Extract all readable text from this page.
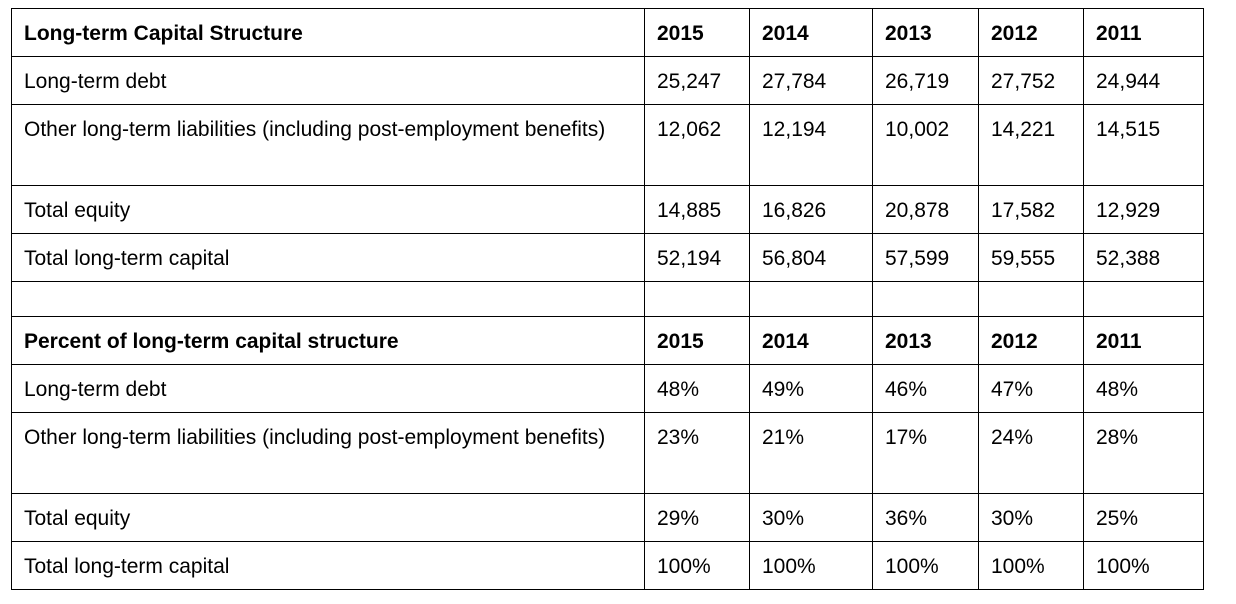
Long-term Capital Structure	2015	2014	2013	2012	2011
Long-term debt	25,247	27,784	26,719	27,752	24,944
Other long-term liabilities (including post-employment benefits)	12,062	12,194	10,002	14,221	14,515
Total equity	14,885	16,826	20,878	17,582	12,929
Total long-term capital	52,194	56,804	57,599	59,555	52,388

Percent of long-term capital structure	2015	2014	2013	2012	2011
Long-term debt	48%	49%	46%	47%	48%
Other long-term liabilities (including post-employment benefits)	23%	21%	17%	24%	28%
Total equity	29%	30%	36%	30%	25%
Total long-term capital	100%	100%	100%	100%	100%
